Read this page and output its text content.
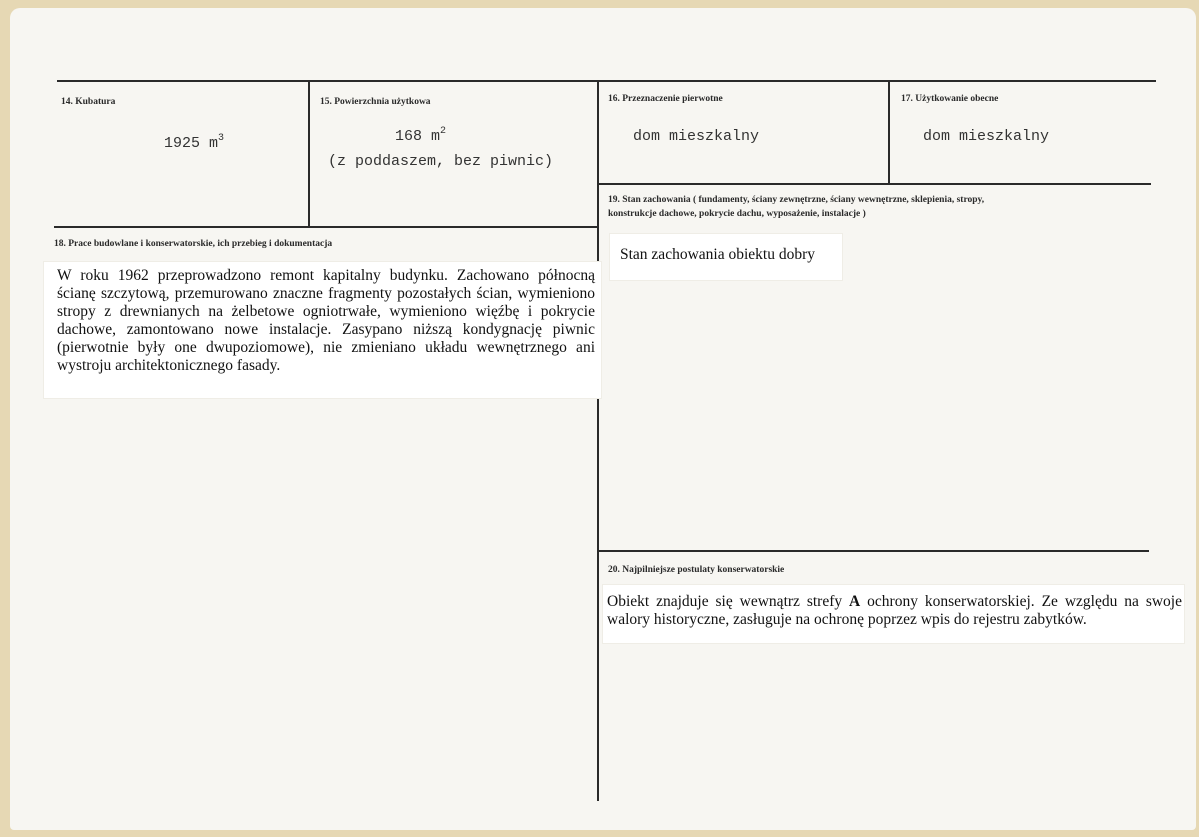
14. Kubatura
1925 $m^3$
15. Powierzchnia użytkowa
168 $m^2$
(z poddaszem, bez piwnic)
16. Przeznaczenie pierwotne
dom mieszkalny
17. Użytkowanie obecne
dom mieszkalny
19. Stan zachowania ( fundamenty, ściany zewnętrzne, ściany wewnętrzne, sklepienia, stropy,
konstrukcje dachowe, pokrycie dachu, wyposażenie, instalacje )
Stan zachowania obiektu dobry
18. Prace budowlane i konserwatorskie, ich przebieg i dokumentacja
W roku 1962 przeprowadzono remont kapitalny budynku. Zachowano północną ścianę szczytową, przemurowano znaczne fragmenty pozostałych ścian, wymieniono stropy z drewnianych na żelbetowe ogniotrwałe, wymieniono więźbę i pokrycie dachowe, zamontowano nowe instalacje. Zasypano niższą kondygnację piwnic (pierwotnie były one dwupoziomowe), nie zmieniano układu wewnętrznego ani wystroju architektonicznego fasady.
20. Najpilniejsze postulaty konserwatorskie
Obiekt znajduje się wewnątrz strefy A ochrony konserwatorskiej. Ze względu na swoje walory historyczne, zasługuje na ochronę poprzez wpis do rejestru zabytków.
